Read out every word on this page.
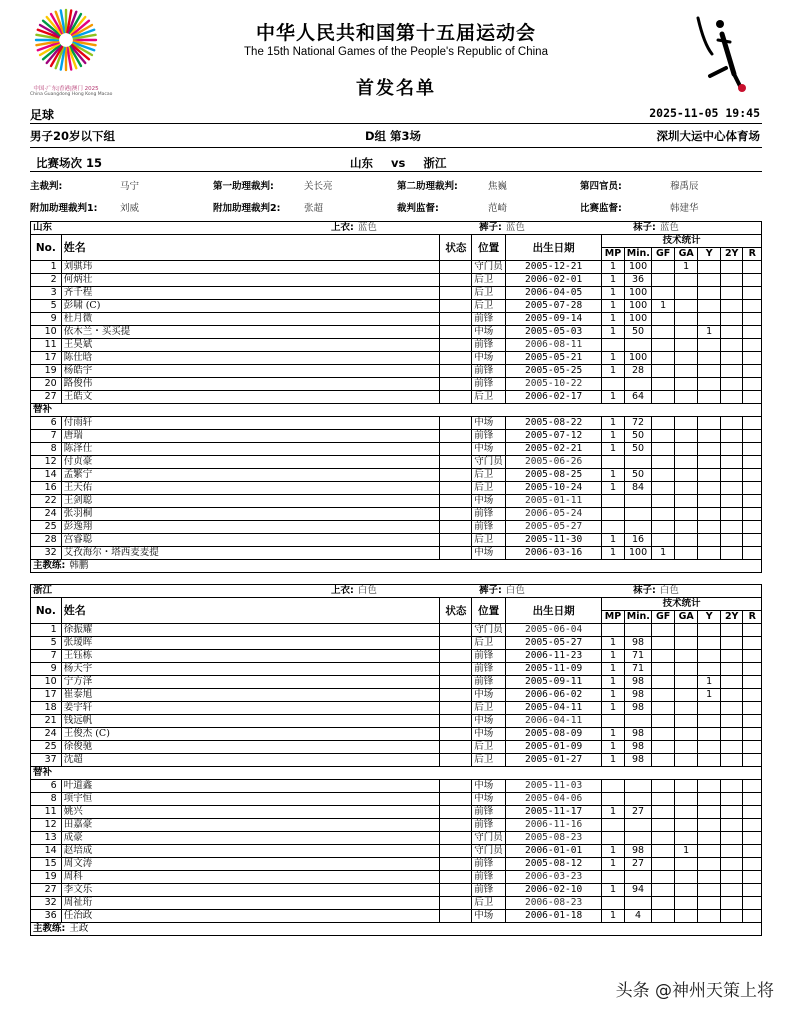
中国·广东|香港|澳门 2025
China Guangdong Hong Kong Macao
中华人民共和国第十五届运动会
The 15th National Games of the People's Republic of China
首发名单
足球	2025-11-05 19:45
男子20岁以下组	D组 第3场	深圳大运中心体育场
比赛场次 15	山东 vs 浙江
主裁判:	马宁	第一助理裁判:	关长亮	第二助理裁判:	焦巍	第四官员:	穆禹辰
附加助理裁判1: 刘威	附加助理裁判2: 张超	裁判监督:	范崎	比赛监督:	韩建华
山东	上衣: 蓝色	裤子: 蓝色	袜子: 蓝色
No.	姓名	状态	位置	出生日期	技术统计						
					MP	Min.	GF	GA	Y	2Y	R
1	刘骐玮		守门员	2005-12-21	1	100		1			
2	何炳壮		后卫	2006-02-01	1	36					
3	齐千程		后卫	2006-04-05	1	100					
5	彭啸 (C)		后卫	2005-07-28	1	100	1				
9	杜月微		前锋	2005-09-14	1	100					
10	依木兰・买买提		中场	2005-05-03	1	50			1		
11	王昊斌		前锋	2006-08-11							
17	陈仕晗		中场	2005-05-21	1	100					
19	杨皓宇		前锋	2005-05-25	1	28					
20	路俊伟		前锋	2005-10-22							
27	王皓文		后卫	2006-02-17	1	64					
替补											
6	付雨轩		中场	2005-08-22	1	72					
7	唐瑞		前锋	2005-07-12	1	50					
8	陈泽仕		中场	2005-02-21	1	50					
12	付贞豪		守门员	2005-06-26							
14	孟繁宁		后卫	2005-08-25	1	50					
16	王天佑		后卫	2005-10-24	1	84					
22	王剑聪		中场	2005-01-11							
24	张羽桐		前锋	2006-05-24							
25	彭逸翔		前锋	2005-05-27							
28	宫睿聪		后卫	2005-11-30	1	16					
32	艾孜海尔・塔西麦麦提		中场	2006-03-16	1	100	1				
主教练: 韩鹏											
浙江	上衣: 白色	裤子: 白色	袜子: 白色
No.	姓名	状态	位置	出生日期	技术统计						
					MP	Min.	GF	GA	Y	2Y	R
1	徐振耀		守门员	2005-06-04							
5	张瑷晖		后卫	2005-05-27	1	98					
7	王钰栋		前锋	2006-11-23	1	71					
9	杨天宇		前锋	2005-11-09	1	71					
10	宁方泽		前锋	2005-09-11	1	98			1		
17	崔泰旭		中场	2006-06-02	1	98			1		
18	姜宇轩		后卫	2005-04-11	1	98					
21	钱远帆		中场	2006-04-11							
24	王俊杰 (C)		中场	2005-08-09	1	98					
25	徐俊驰		后卫	2005-01-09	1	98					
37	沈超		后卫	2005-01-27	1	98					
替补											
6	叶道鑫		中场	2005-11-03							
8	项宇恒		中场	2005-04-06							
11	姚兴		前锋	2005-11-17	1	27					
12	田嘉豪		前锋	2006-11-16							
13	成豪		守门员	2005-08-23							
14	赵培成		守门员	2006-01-01	1	98		1			
15	周文涛		前锋	2005-08-12	1	27					
19	周科		前锋	2006-03-23							
27	李文乐		前锋	2006-02-10	1	94					
32	周祉珩		后卫	2006-08-23							
36	任治政		中场	2006-01-18	1	4					
主教练: 王政											
头条 @神州天策上将
